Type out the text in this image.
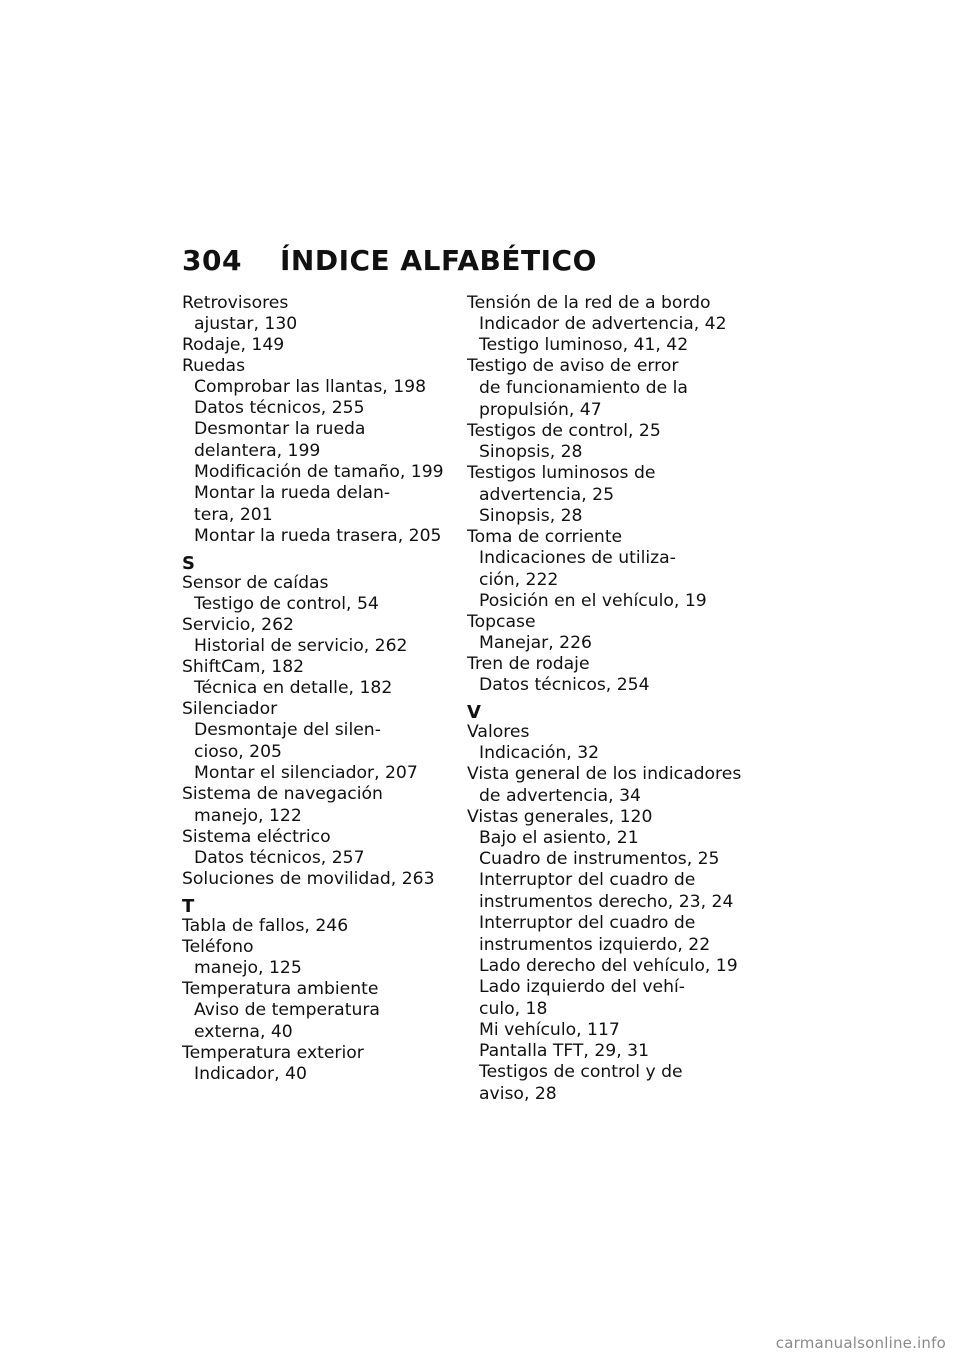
304 ÍNDICE ALFABÉTICO
Retrovisores
ajustar, 130
Rodaje, 149
Ruedas
Comprobar las llantas, 198
Datos técnicos, 255
Desmontar la rueda
delantera, 199
Modificación de tamaño, 199
Montar la rueda delan-
tera, 201
Montar la rueda trasera, 205
S
Sensor de caídas
Testigo de control, 54
Servicio, 262
Historial de servicio, 262
ShiftCam, 182
Técnica en detalle, 182
Silenciador
Desmontaje del silen-
cioso, 205
Montar el silenciador, 207
Sistema de navegación
manejo, 122
Sistema eléctrico
Datos técnicos, 257
Soluciones de movilidad, 263
T
Tabla de fallos, 246
Teléfono
manejo, 125
Temperatura ambiente
Aviso de temperatura
externa, 40
Temperatura exterior
Indicador, 40
Tensión de la red de a bordo
Indicador de advertencia, 42
Testigo luminoso, 41, 42
Testigo de aviso de error
de funcionamiento de la
propulsión, 47
Testigos de control, 25
Sinopsis, 28
Testigos luminosos de
advertencia, 25
Sinopsis, 28
Toma de corriente
Indicaciones de utiliza-
ción, 222
Posición en el vehículo, 19
Topcase
Manejar, 226
Tren de rodaje
Datos técnicos, 254
V
Valores
Indicación, 32
Vista general de los indicadores
de advertencia, 34
Vistas generales, 120
Bajo el asiento, 21
Cuadro de instrumentos, 25
Interruptor del cuadro de
instrumentos derecho, 23, 24
Interruptor del cuadro de
instrumentos izquierdo, 22
Lado derecho del vehículo, 19
Lado izquierdo del vehí-
culo, 18
Mi vehículo, 117
Pantalla TFT, 29, 31
Testigos de control y de
aviso, 28
carmanualsonline.info
